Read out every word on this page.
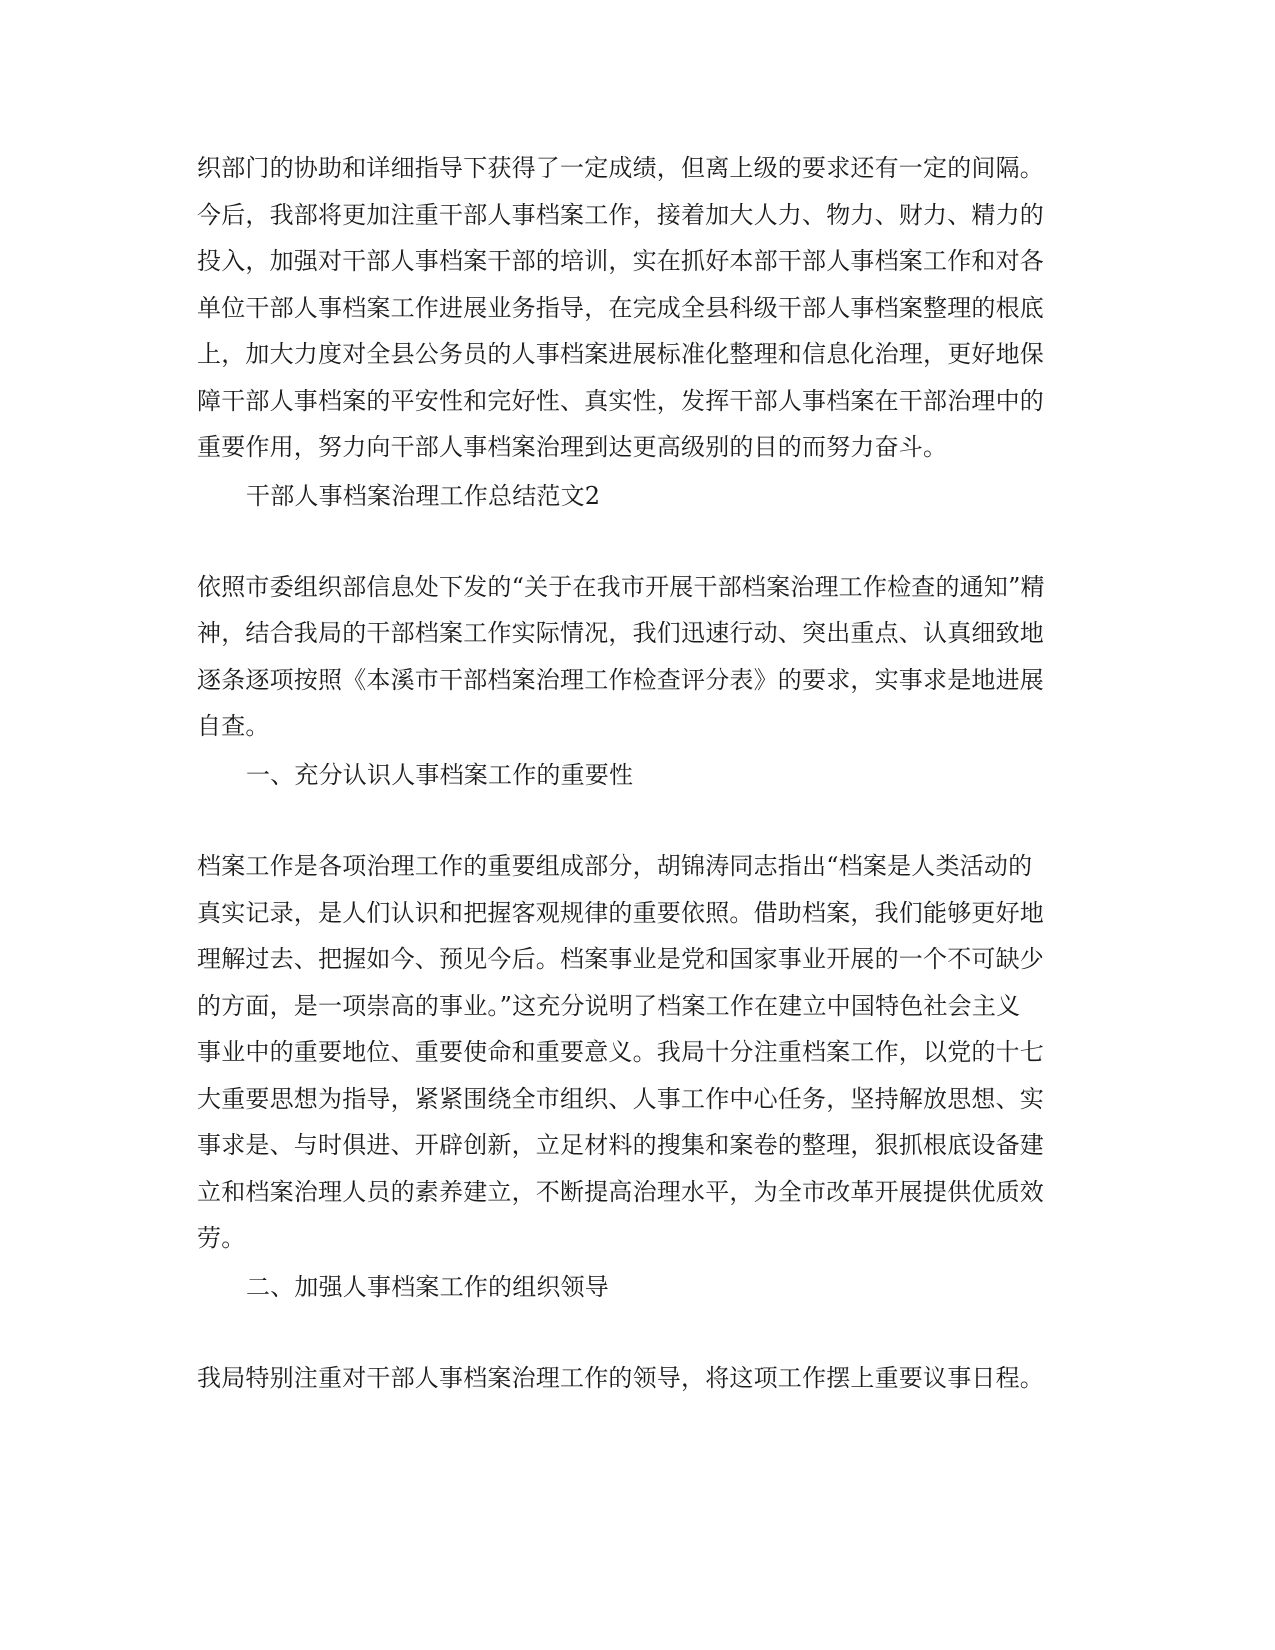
织部门的协助和详细指导下获得了一定成绩，但离上级的要求还有一定的间隔。
今后，我部将更加注重干部人事档案工作，接着加大人力、物力、财力、精力的
投入，加强对干部人事档案干部的培训，实在抓好本部干部人事档案工作和对各
单位干部人事档案工作进展业务指导，在完成全县科级干部人事档案整理的根底
上，加大力度对全县公务员的人事档案进展标准化整理和信息化治理，更好地保
障干部人事档案的平安性和完好性、真实性，发挥干部人事档案在干部治理中的
重要作用，努力向干部人事档案治理到达更高级别的目的而努力奋斗。
干部人事档案治理工作总结范文2
依照市委组织部信息处下发的“关于在我市开展干部档案治理工作检查的通知”精
神，结合我局的干部档案工作实际情况，我们迅速行动、突出重点、认真细致地
逐条逐项按照《本溪市干部档案治理工作检查评分表》的要求，实事求是地进展
自查。
一、充分认识人事档案工作的重要性
档案工作是各项治理工作的重要组成部分，胡锦涛同志指出“档案是人类活动的
真实记录，是人们认识和把握客观规律的重要依照。借助档案，我们能够更好地
理解过去、把握如今、预见今后。档案事业是党和国家事业开展的一个不可缺少
的方面，是一项崇高的事业。”这充分说明了档案工作在建立中国特色社会主义
事业中的重要地位、重要使命和重要意义。我局十分注重档案工作，以党的十七
大重要思想为指导，紧紧围绕全市组织、人事工作中心任务，坚持解放思想、实
事求是、与时俱进、开辟创新，立足材料的搜集和案卷的整理，狠抓根底设备建
立和档案治理人员的素养建立，不断提高治理水平，为全市改革开展提供优质效
劳。
二、加强人事档案工作的组织领导
我局特别注重对干部人事档案治理工作的领导，将这项工作摆上重要议事日程。
